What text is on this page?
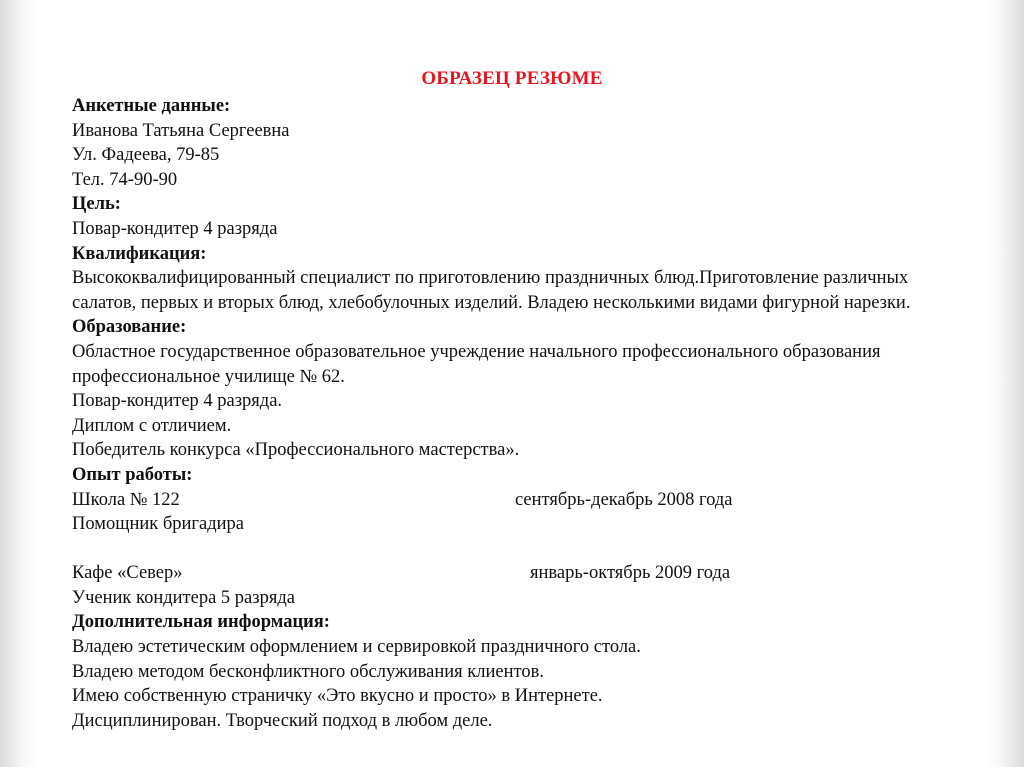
ОБРАЗЕЦ РЕЗЮМЕ
Анкетные данные:
Иванова Татьяна Сергеевна
Ул. Фадеева, 79-85
Тел. 74-90-90
Цель:
Повар-кондитер 4 разряда
Квалификация:
Высококвалифицированный специалист по приготовлению праздничных блюд.Приготовление различных
салатов, первых и вторых блюд, хлебобулочных изделий. Владею несколькими видами фигурной нарезки.
Образование:
Областное государственное образовательное учреждение начального профессионального образования
профессиональное училище № 62.
Повар-кондитер 4 разряда.
Диплом с отличием.
Победитель конкурса «Профессионального мастерства».
Опыт работы:
Школа № 122	сентябрь-декабрь 2008 года
Помощник бригадира
Кафе «Север»	январь-октябрь 2009 года
Ученик кондитера 5 разряда
Дополнительная информация:
Владею эстетическим оформлением и сервировкой праздничного стола.
Владею методом бесконфликтного обслуживания клиентов.
Имею собственную страничку «Это вкусно и просто» в Интернете.
Дисциплинирован. Творческий подход в любом деле.
